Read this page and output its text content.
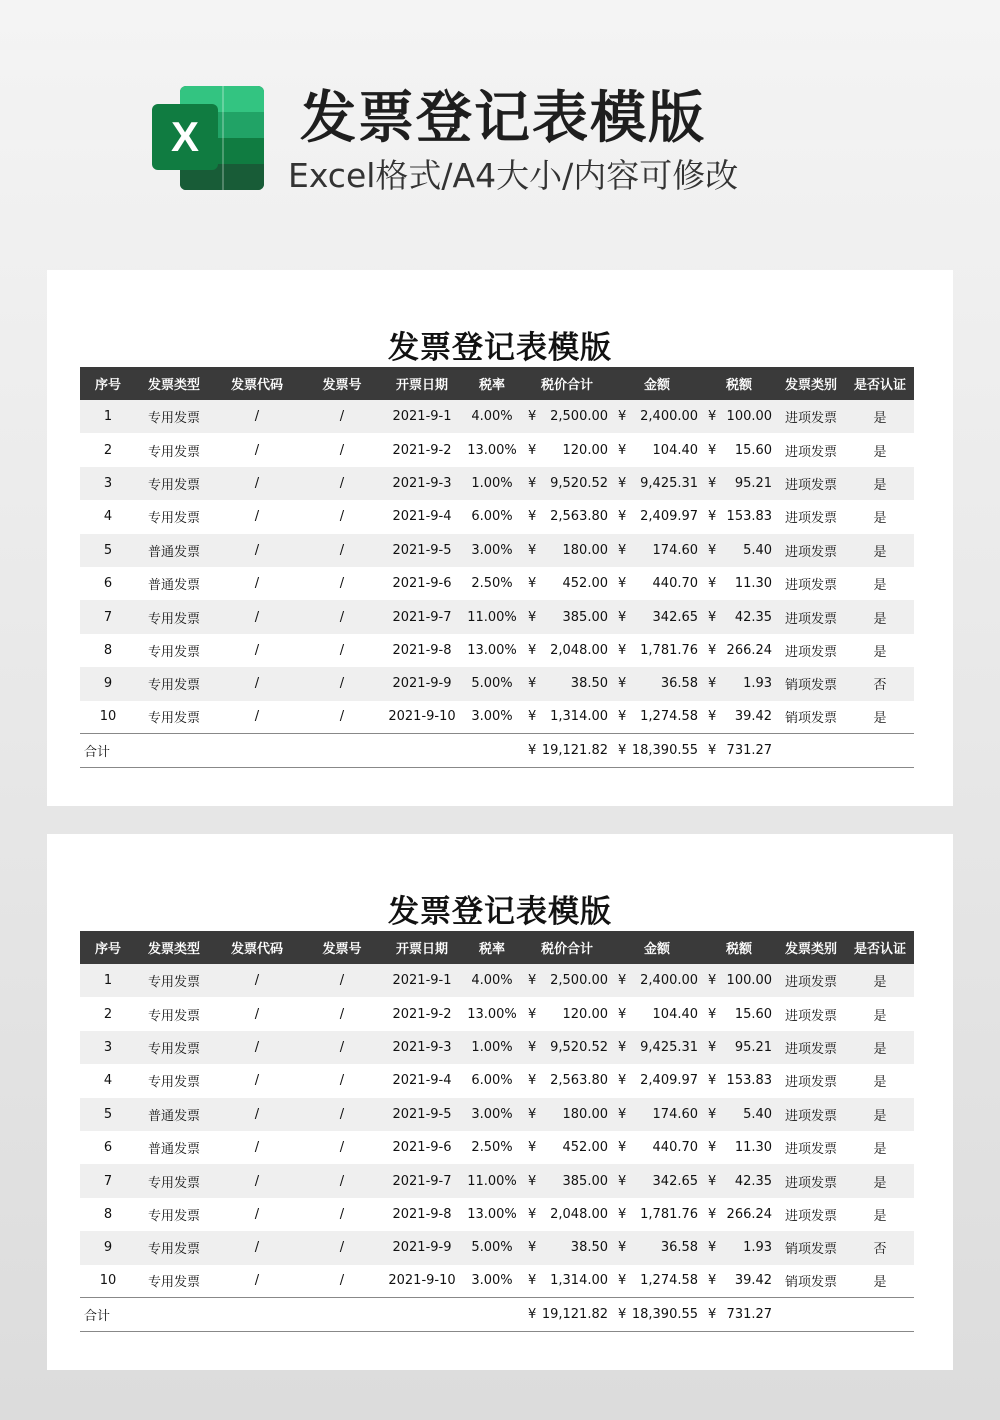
X 发票登记表模版
Excel格式/A4大小/内容可修改
发票登记表模版
序号	发票类型	发票代码	发票号	开票日期	税率	税价合计		金额		税额		发票类别	是否认证
1	专用发票	/	/	2021-9-1	4.00%	¥	2,500.00	¥	2,400.00	¥	100.00	进项发票	是
2	专用发票	/	/	2021-9-2	13.00%	¥	120.00	¥	104.40	¥	15.60	进项发票	是
3	专用发票	/	/	2021-9-3	1.00%	¥	9,520.52	¥	9,425.31	¥	95.21	进项发票	是
4	专用发票	/	/	2021-9-4	6.00%	¥	2,563.80	¥	2,409.97	¥	153.83	进项发票	是
5	普通发票	/	/	2021-9-5	3.00%	¥	180.00	¥	174.60	¥	5.40	进项发票	是
6	普通发票	/	/	2021-9-6	2.50%	¥	452.00	¥	440.70	¥	11.30	进项发票	是
7	专用发票	/	/	2021-9-7	11.00%	¥	385.00	¥	342.65	¥	42.35	进项发票	是
8	专用发票	/	/	2021-9-8	13.00%	¥	2,048.00	¥	1,781.76	¥	266.24	进项发票	是
9	专用发票	/	/	2021-9-9	5.00%	¥	38.50	¥	36.58	¥	1.93	销项发票	否
10	专用发票	/	/	2021-9-10	3.00%	¥	1,314.00	¥	1,274.58	¥	39.42	销项发票	是
合计						¥	19,121.82	¥	18,390.55	¥	731.27		
发票登记表模版
序号	发票类型	发票代码	发票号	开票日期	税率	税价合计		金额		税额		发票类别	是否认证
1	专用发票	/	/	2021-9-1	4.00%	¥	2,500.00	¥	2,400.00	¥	100.00	进项发票	是
2	专用发票	/	/	2021-9-2	13.00%	¥	120.00	¥	104.40	¥	15.60	进项发票	是
3	专用发票	/	/	2021-9-3	1.00%	¥	9,520.52	¥	9,425.31	¥	95.21	进项发票	是
4	专用发票	/	/	2021-9-4	6.00%	¥	2,563.80	¥	2,409.97	¥	153.83	进项发票	是
5	普通发票	/	/	2021-9-5	3.00%	¥	180.00	¥	174.60	¥	5.40	进项发票	是
6	普通发票	/	/	2021-9-6	2.50%	¥	452.00	¥	440.70	¥	11.30	进项发票	是
7	专用发票	/	/	2021-9-7	11.00%	¥	385.00	¥	342.65	¥	42.35	进项发票	是
8	专用发票	/	/	2021-9-8	13.00%	¥	2,048.00	¥	1,781.76	¥	266.24	进项发票	是
9	专用发票	/	/	2021-9-9	5.00%	¥	38.50	¥	36.58	¥	1.93	销项发票	否
10	专用发票	/	/	2021-9-10	3.00%	¥	1,314.00	¥	1,274.58	¥	39.42	销项发票	是
合计						¥	19,121.82	¥	18,390.55	¥	731.27		
